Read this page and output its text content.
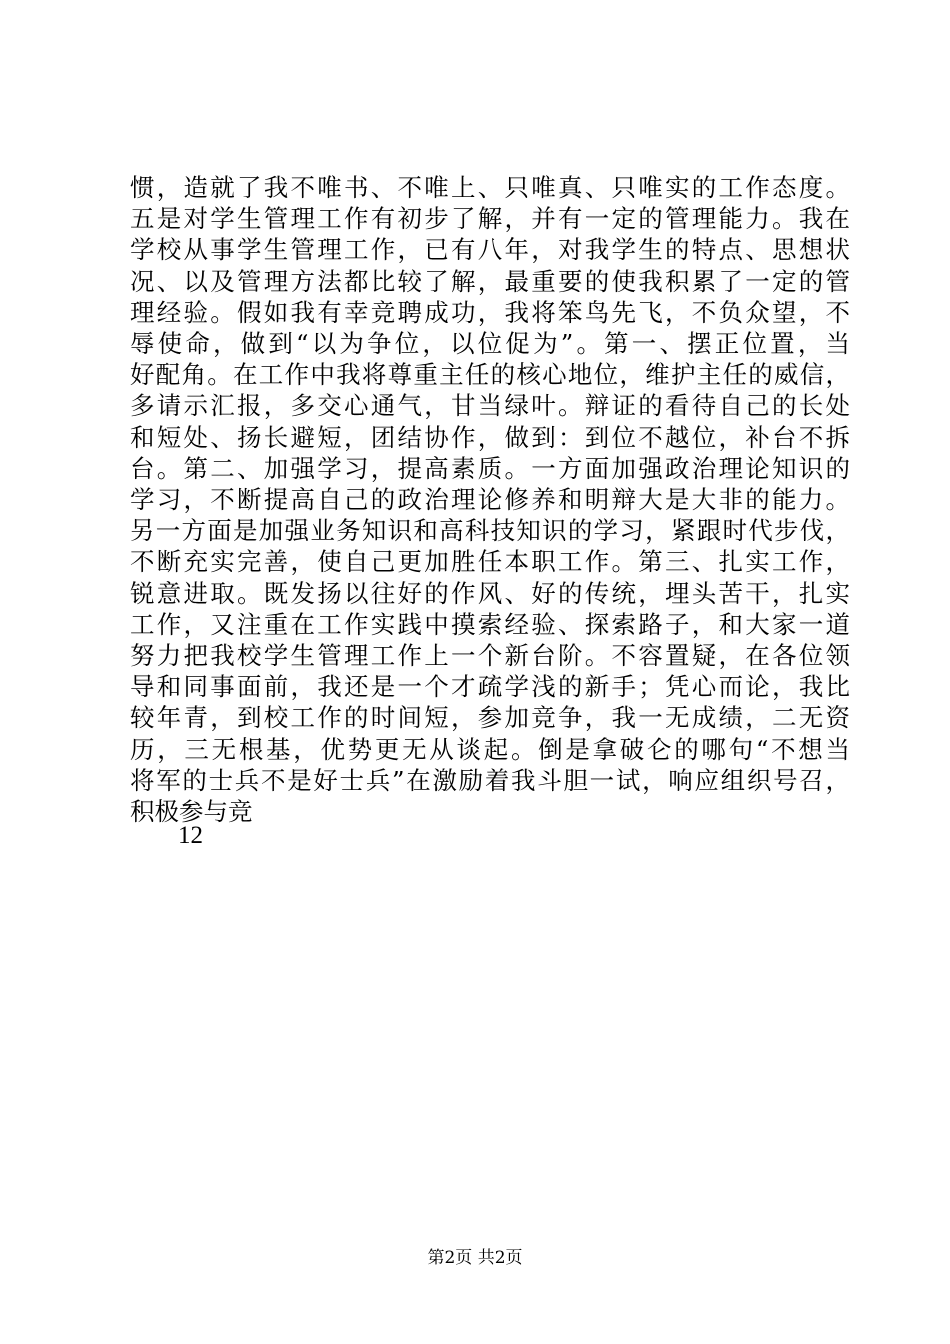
惯，造就了我不唯书、不唯上、只唯真、只唯实的工作态度。
五是对学生管理工作有初步了解，并有一定的管理能力。我在
学校从事学生管理工作，已有八年，对我学生的特点、思想状
况、以及管理方法都比较了解，最重要的使我积累了一定的管
理经验。假如我有幸竞聘成功，我将笨鸟先飞，不负众望，不
辱使命，做到“以为争位，以位促为”。第一、摆正位置，当
好配角。在工作中我将尊重主任的核心地位，维护主任的威信，
多请示汇报，多交心通气，甘当绿叶。辩证的看待自己的长处
和短处、扬长避短，团结协作，做到：到位不越位，补台不拆
台。第二、加强学习，提高素质。一方面加强政治理论知识的
学习，不断提高自己的政治理论修养和明辩大是大非的能力。
另一方面是加强业务知识和高科技知识的学习，紧跟时代步伐，
不断充实完善，使自己更加胜任本职工作。第三、扎实工作，
锐意进取。既发扬以往好的作风、好的传统，埋头苦干，扎实
工作，又注重在工作实践中摸索经验、探索路子，和大家一道
努力把我校学生管理工作上一个新台阶。不容置疑，在各位领
导和同事面前，我还是一个才疏学浅的新手；凭心而论，我比
较年青，到校工作的时间短，参加竞争，我一无成绩，二无资
历，三无根基，优势更无从谈起。倒是拿破仑的哪句“不想当
将军的士兵不是好士兵”在激励着我斗胆一试，响应组织号召，
积极参与竞
12
第2页 共2页
